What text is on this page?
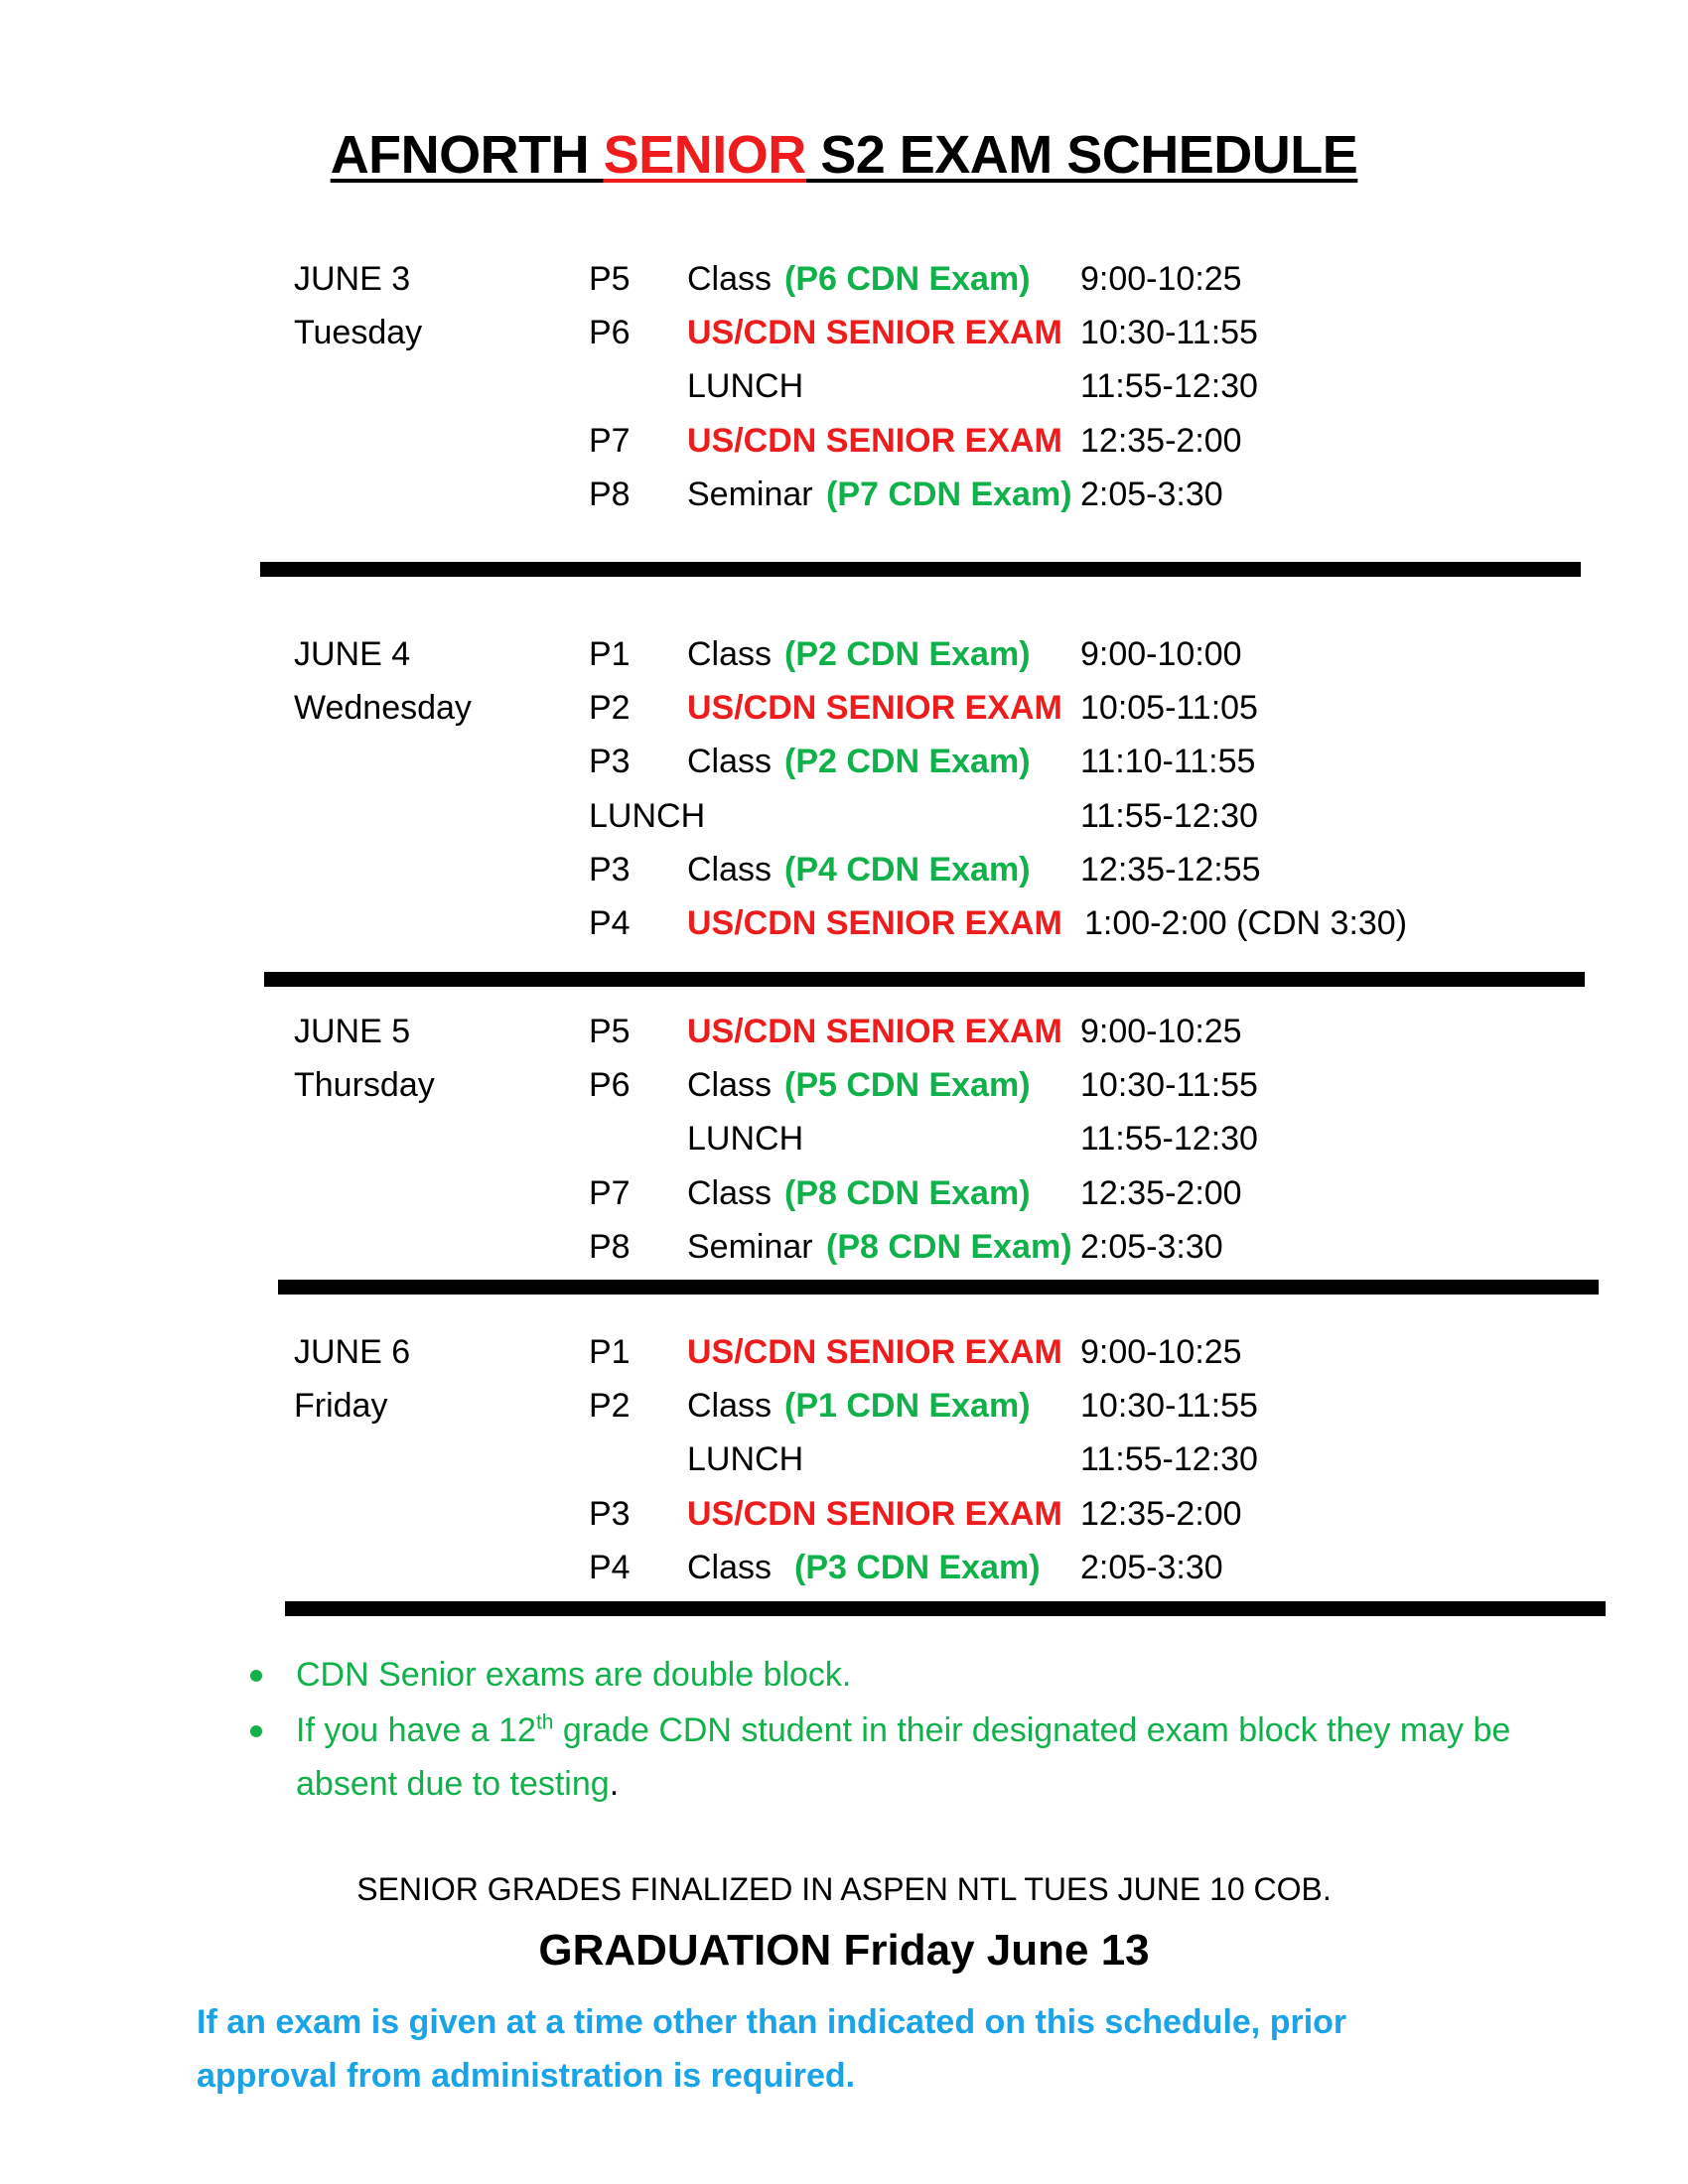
AFNORTH SENIOR S2 EXAM SCHEDULE
JUNE 3	P5 Class (P6 CDN Exam) 9:00-10:25
Tuesday	P6 US/CDN SENIOR EXAM 10:30-11:55
LUNCH	11:55-12:30
P7 US/CDN SENIOR EXAM 12:35-2:00
P8 Seminar (P7 CDN Exam) 2:05-3:30
JUNE 4	P1 Class (P2 CDN Exam) 9:00-10:00
Wednesday	P2 US/CDN SENIOR EXAM 10:05-11:05
P3 Class (P2 CDN Exam) 11:10-11:55
LUNCH	11:55-12:30
P3 Class (P4 CDN Exam) 12:35-12:55
P4 US/CDN SENIOR EXAM 1:00-2:00 (CDN 3:30)
JUNE 5	P5 US/CDN SENIOR EXAM 9:00-10:25
Thursday	P6 Class (P5 CDN Exam) 10:30-11:55
LUNCH	11:55-12:30
P7 Class (P8 CDN Exam) 12:35-2:00
P8 Seminar (P8 CDN Exam) 2:05-3:30
JUNE 6	P1 US/CDN SENIOR EXAM 9:00-10:25
Friday	P2 Class (P1 CDN Exam) 10:30-11:55
LUNCH	11:55-12:30
P3 US/CDN SENIOR EXAM 12:35-2:00
P4 Class (P3 CDN Exam) 2:05-3:30
CDN Senior exams are double block.
If you have a 12th grade CDN student in their designated exam block they may be absent due to testing.
SENIOR GRADES FINALIZED IN ASPEN NTL TUES JUNE 10 COB.
GRADUATION Friday June 13
If an exam is given at a time other than indicated on this schedule, prior approval from administration is required.
